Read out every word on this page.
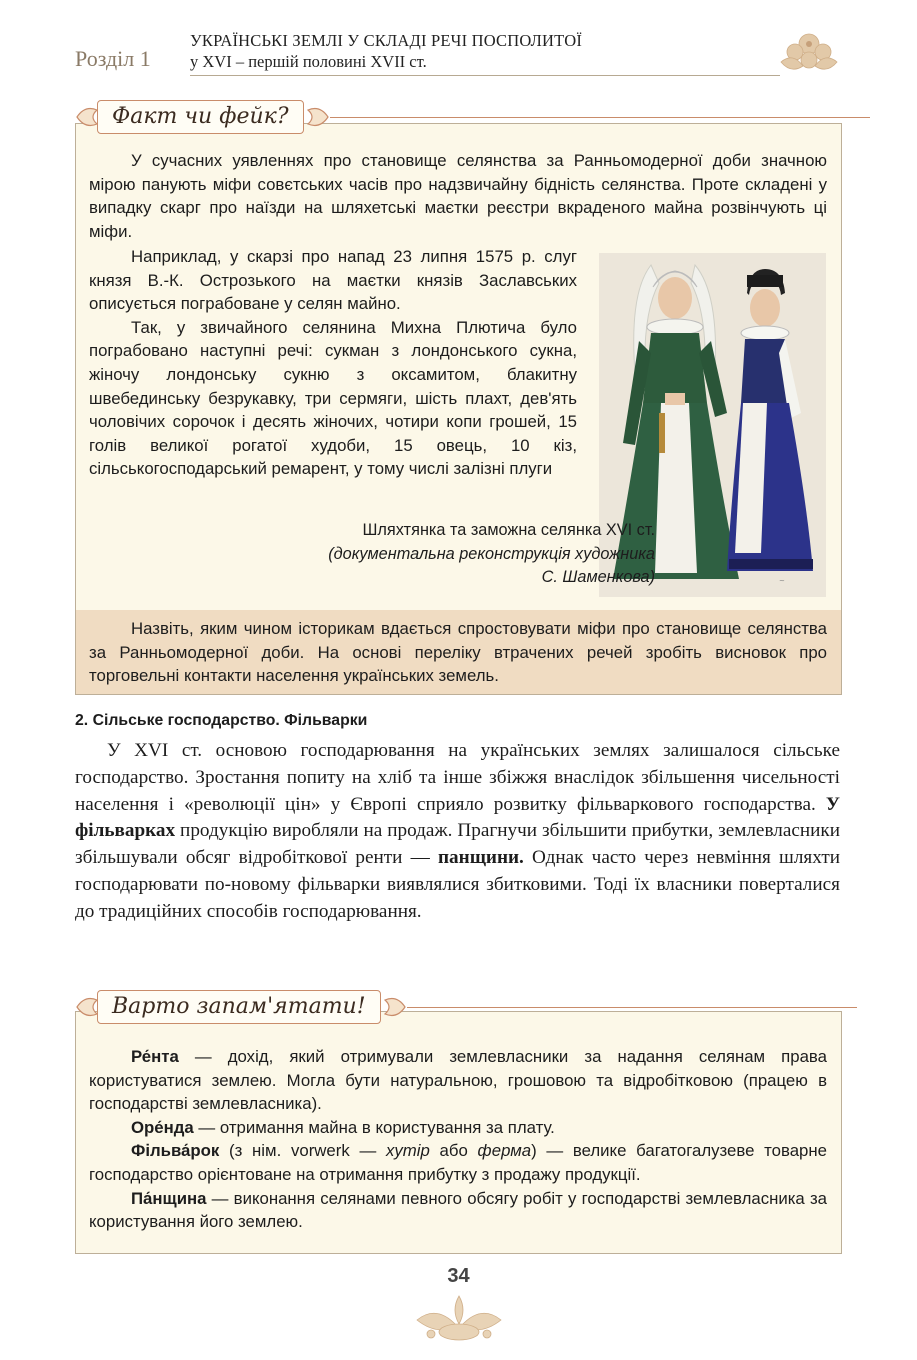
Розділ 1
УКРАЇНСЬКІ ЗЕМЛІ У СКЛАДІ РЕЧІ ПОСПОЛИТОЇ
у XVI – першій половині XVII ст.

У сучасних уявленнях про становище селянства за Ранньомодерної доби значною мірою панують міфи совєтських часів про надзвичайну бідність селянства. Проте складені у випадку скарг про наїзди на шляхетські маєтки реєстри вкраденого майна розвінчують ці міфи.

Наприклад, у скарзі про напад 23 липня 1575 р. слуг князя В.-К. Острозького на маєтки князів Заславських описується пограбоване у селян майно.

Так, у звичайного селянина Михна Плютича було пограбовано наступні речі: сукман з лондонського сукна, жіночу лондонську сукню з оксамитом, блакитну швебединську безрукавку, три сермяги, шість плахт, дев'ять чоловічих сорочок і десять жіночих, чотири копи грошей, 15 голів великої рогатої худоби, 15 овець, 10 кіз, сільськогосподарський ремарент, у тому числі залізні плуги

Назвіть, яким чином історикам вдається спростовувати міфи про становище селянства за Ранньомодерної доби. На основі переліку втрачених речей зробіть висновок про торговельні контакти населення українських земель.

Факт чи фейк?
~
Шляхтянка та заможна селянка XVI ст.
(документальна реконструкція художника
С. Шаменкова)
2. Сільське господарство. Фільварки

У XVI ст. основою господарювання на українських землях залишалося сільське господарство. Зростання попиту на хліб та інше збіжжя внаслідок збільшення чисельності населення і «революції цін» у Європі сприяло розвитку фільваркового господарства. У фільварках продукцію виробляли на продаж. Прагнучи збільшити прибутки, землевласники збільшували обсяг відробіткової ренти — панщини. Однак часто через невміння шляхти господарювати по-новому фільварки виявлялися збитковими. Тоді їх власники поверталися до традиційних способів господарювання.

Ре́нта — дохід, який отримували землевласники за надання селянам права користуватися землею. Могла бути натуральною, грошовою та відробітковою (працею в господарстві землевласника).

Оре́нда — отримання майна в користування за плату.

Фільва́рок (з нім. vorwerk — хутір або ферма) — велике багатогалузеве товарне господарство орієнтоване на отримання прибутку з продажу продукції.

Па́нщина — виконання селянами певного обсягу робіт у господарстві землевласника за користування його землею.

Варто запам'ятати!
34
